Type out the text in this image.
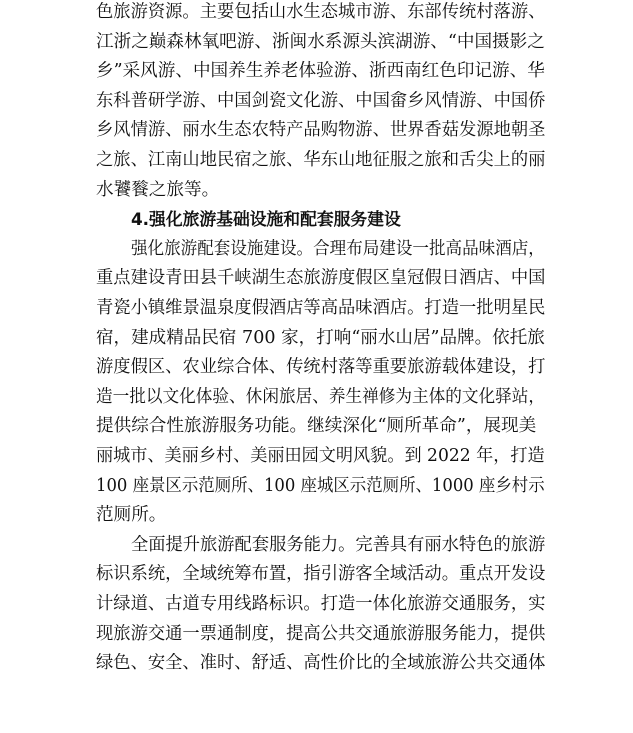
色旅游资源。主要包括山水生态城市游、东部传统村落游、
江浙之巅森林氧吧游、浙闽水系源头滨湖游、“中国摄影之
乡”采风游、中国养生养老体验游、浙西南红色印记游、华
东科普研学游、中国剑瓷文化游、中国畲乡风情游、中国侨
乡风情游、丽水生态农特产品购物游、世界香菇发源地朝圣
之旅、江南山地民宿之旅、华东山地征服之旅和舌尖上的丽
水饕餮之旅等。
4.强化旅游基础设施和配套服务建设
强化旅游配套设施建设。合理布局建设一批高品味酒店，
重点建设青田县千峡湖生态旅游度假区皇冠假日酒店、中国
青瓷小镇维景温泉度假酒店等高品味酒店。打造一批明星民
宿，建成精品民宿 700 家，打响“丽水山居”品牌。依托旅
游度假区、农业综合体、传统村落等重要旅游载体建设，打
造一批以文化体验、休闲旅居、养生禅修为主体的文化驿站，
提供综合性旅游服务功能。继续深化“厕所革命”，展现美
丽城市、美丽乡村、美丽田园文明风貌。到 2022 年，打造
100 座景区示范厕所、100 座城区示范厕所、1000 座乡村示
范厕所。
全面提升旅游配套服务能力。完善具有丽水特色的旅游
标识系统，全域统筹布置，指引游客全域活动。重点开发设
计绿道、古道专用线路标识。打造一体化旅游交通服务，实
现旅游交通一票通制度，提高公共交通旅游服务能力，提供
绿色、安全、准时、舒适、高性价比的全域旅游公共交通体
